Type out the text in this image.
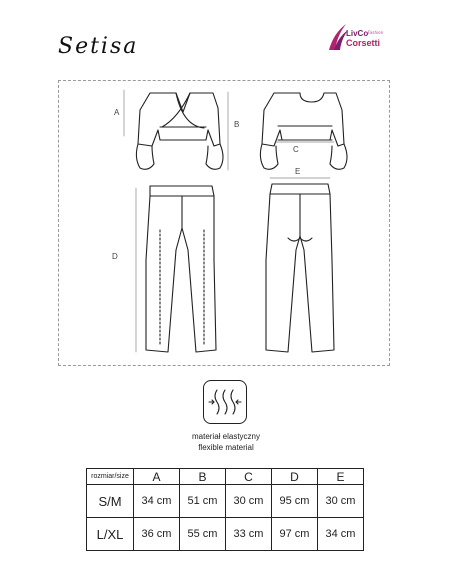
Setisa
LivCo
Corsetti
Fashion
A
B
C
E
D
materiał elastyczny
flexible material
rozmiar/size	A	B	C	D	E
S/M	34 cm	51 cm	30 cm	95 cm	30 cm
L/XL	36 cm	55 cm	33 cm	97 cm	34 cm
